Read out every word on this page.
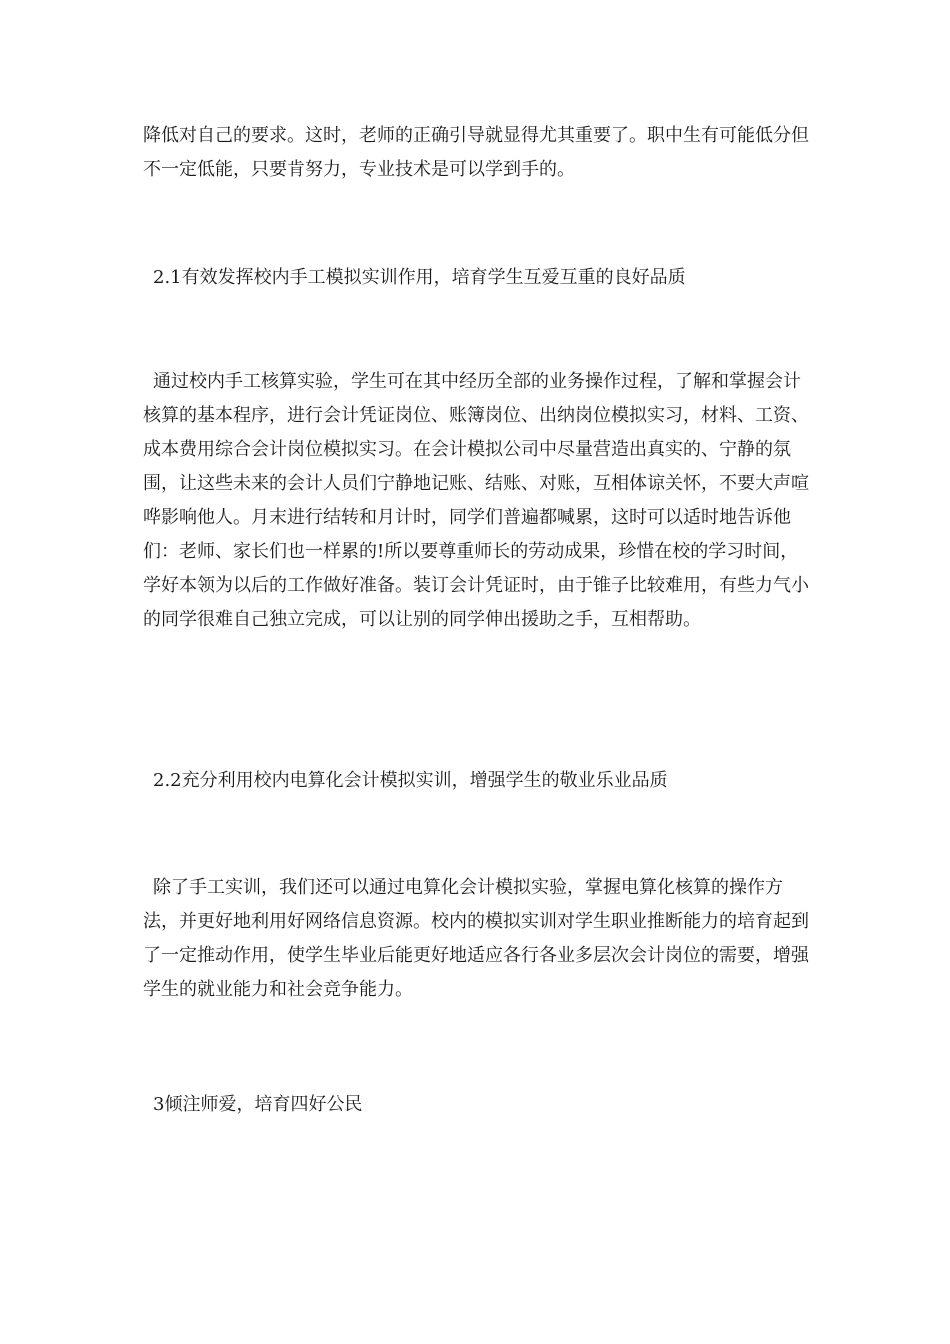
降低对自己的要求。这时，老师的正确引导就显得尤其重要了。职中生有可能低分但不一定低能，只要肯努力，专业技术是可以学到手的。

2.1有效发挥校内手工模拟实训作用，培育学生互爱互重的良好品质

通过校内手工核算实验，学生可在其中经历全部的业务操作过程，了解和掌握会计核算的基本程序，进行会计凭证岗位、账簿岗位、出纳岗位模拟实习，材料、工资、成本费用综合会计岗位模拟实习。在会计模拟公司中尽量营造出真实的、宁静的氛围，让这些未来的会计人员们宁静地记账、结账、对账，互相体谅关怀，不要大声喧哗影响他人。月末进行结转和月计时，同学们普遍都喊累，这时可以适时地告诉他们：老师、家长们也一样累的!所以要尊重师长的劳动成果，珍惜在校的学习时间，学好本领为以后的工作做好准备。装订会计凭证时，由于锥子比较难用，有些力气小的同学很难自己独立完成，可以让别的同学伸出援助之手，互相帮助。

2.2充分利用校内电算化会计模拟实训，增强学生的敬业乐业品质

除了手工实训，我们还可以通过电算化会计模拟实验，掌握电算化核算的操作方法，并更好地利用好网络信息资源。校内的模拟实训对学生职业推断能力的培育起到了一定推动作用，使学生毕业后能更好地适应各行各业多层次会计岗位的需要，增强学生的就业能力和社会竞争能力。

3倾注师爱，培育四好公民
